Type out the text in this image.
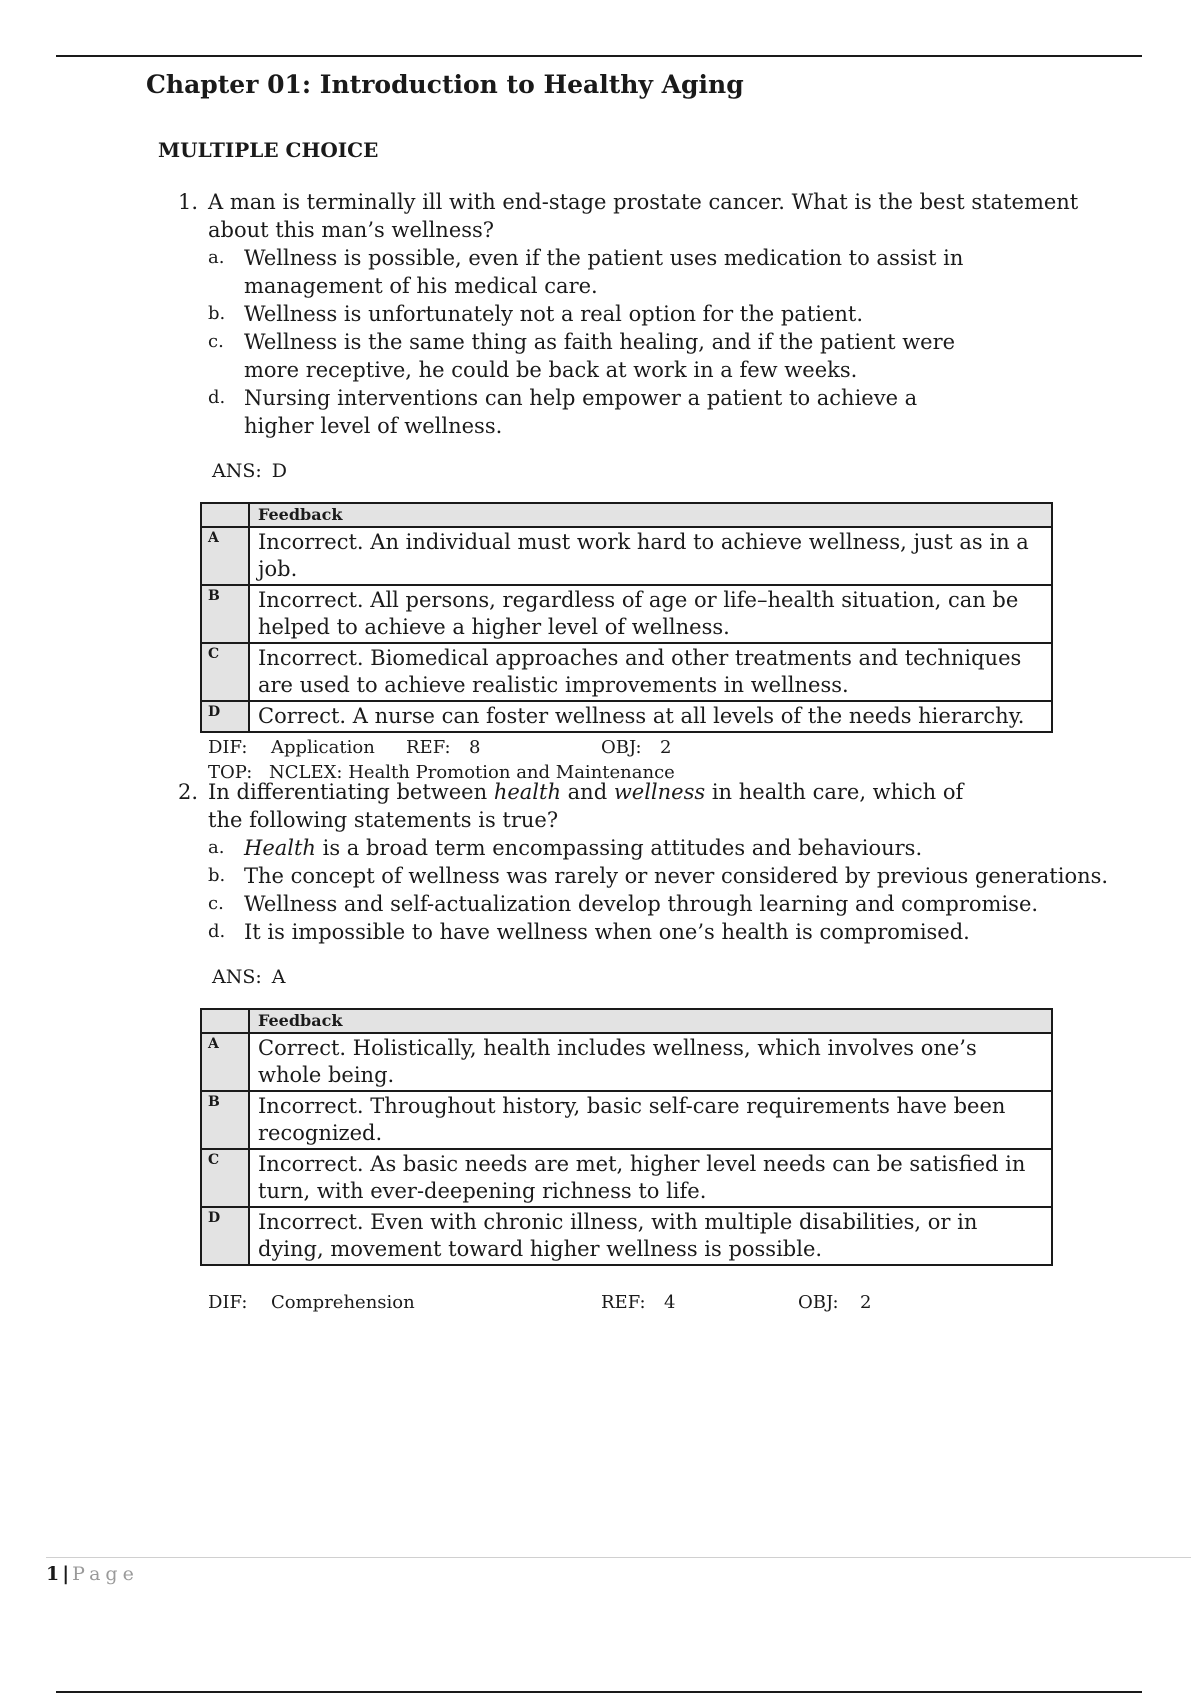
Chapter 01: Introduction to Healthy Aging
MULTIPLE CHOICE
1. A man is terminally ill with end-stage prostate cancer. What is the best statement about this man’s wellness?
a. Wellness is possible, even if the patient uses medication to assist in management of his medical care.
b. Wellness is unfortunately not a real option for the patient.
c. Wellness is the same thing as faith healing, and if the patient were more receptive, he could be back at work in a few weeks.
d. Nursing interventions can help empower a patient to achieve a higher level of wellness.
ANS: D
	Feedback
A	Incorrect. An individual must work hard to achieve wellness, just as in a job.
B	Incorrect. All persons, regardless of age or life–health situation, can be helped to achieve a higher level of wellness.
C	Incorrect. Biomedical approaches and other treatments and techniques are used to achieve realistic improvements in wellness.
D	Correct. A nurse can foster wellness at all levels of the needs hierarchy.
DIF: Application REF: 8	OBJ: 2
TOP: NCLEX: Health Promotion and Maintenance
2. In differentiating between health and wellness in health care, which of the following statements is true?
a. Health is a broad term encompassing attitudes and behaviours.
b. The concept of wellness was rarely or never considered by previous generations.
c. Wellness and self-actualization develop through learning and compromise.
d. It is impossible to have wellness when one’s health is compromised.
ANS: A
	Feedback
A	Correct. Holistically, health includes wellness, which involves one’s whole being.
B	Incorrect. Throughout history, basic self-care requirements have been recognized.
C	Incorrect. As basic needs are met, higher level needs can be satisfied in turn, with ever-deepening richness to life.
D	Incorrect. Even with chronic illness, with multiple disabilities, or in dying, movement toward higher wellness is possible.
DIF: Comprehension	REF: 4	OBJ: 2
1 | Page
